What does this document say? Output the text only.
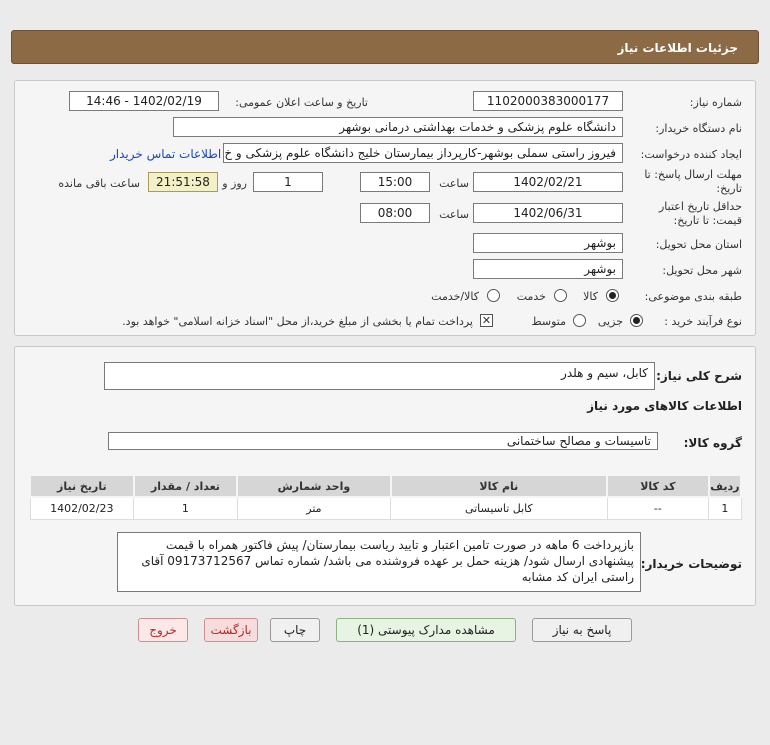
جزئیات اطلاعات نیاز
شماره نیاز:
1102000383000177
تاریخ و ساعت اعلان عمومی:
1402/02/19 - 14:46
نام دستگاه خریدار:
دانشگاه علوم پزشکی و خدمات بهداشتی درمانی بوشهر
ایجاد کننده درخواست:
فیروز راستی سملی بوشهر-کارپرداز بیمارستان خلیج دانشگاه علوم پزشکی و خ
اطلاعات تماس خریدار
مهلت ارسال پاسخ: تا
تاریخ:
1402/02/21
ساعت
15:00
1
روز و
21:51:58
ساعت باقی مانده
حداقل تاریخ اعتبار
قیمت: تا تاریخ:
1402/06/31
ساعت
08:00
استان محل تحویل:
بوشهر
شهر محل تحویل:
بوشهر
طبقه بندی موضوعی:
کالا
خدمت
کالا/خدمت
نوع فرآیند خرید :
جزیی
متوسط
✕
پرداخت تمام یا بخشی از مبلغ خرید،از محل "اسناد خزانه اسلامی" خواهد بود.
شرح کلی نیاز:
کابل، سیم و هلدر
اطلاعات کالاهای مورد نیاز
گروه کالا:
تاسیسات و مصالح ساختمانی
ردیف	کد کالا	نام کالا	واحد شمارش	تعداد / مقدار	تاریخ نیاز
1	--	کابل تاسیساتی	متر	1	1402/02/23
توضیحات خریدار:
بازپرداخت 6 ماهه در صورت تامین اعتبار و تایید ریاست بیمارستان/ پیش فاکتور همراه با قیمت پیشنهادی ارسال شود/ هزینه حمل بر عهده فروشنده می باشد/ شماره تماس 09173712567 آقای راستی ایران کد مشابه
پاسخ به نیاز
مشاهده مدارک پیوستی (1)
چاپ
بازگشت
خروج
